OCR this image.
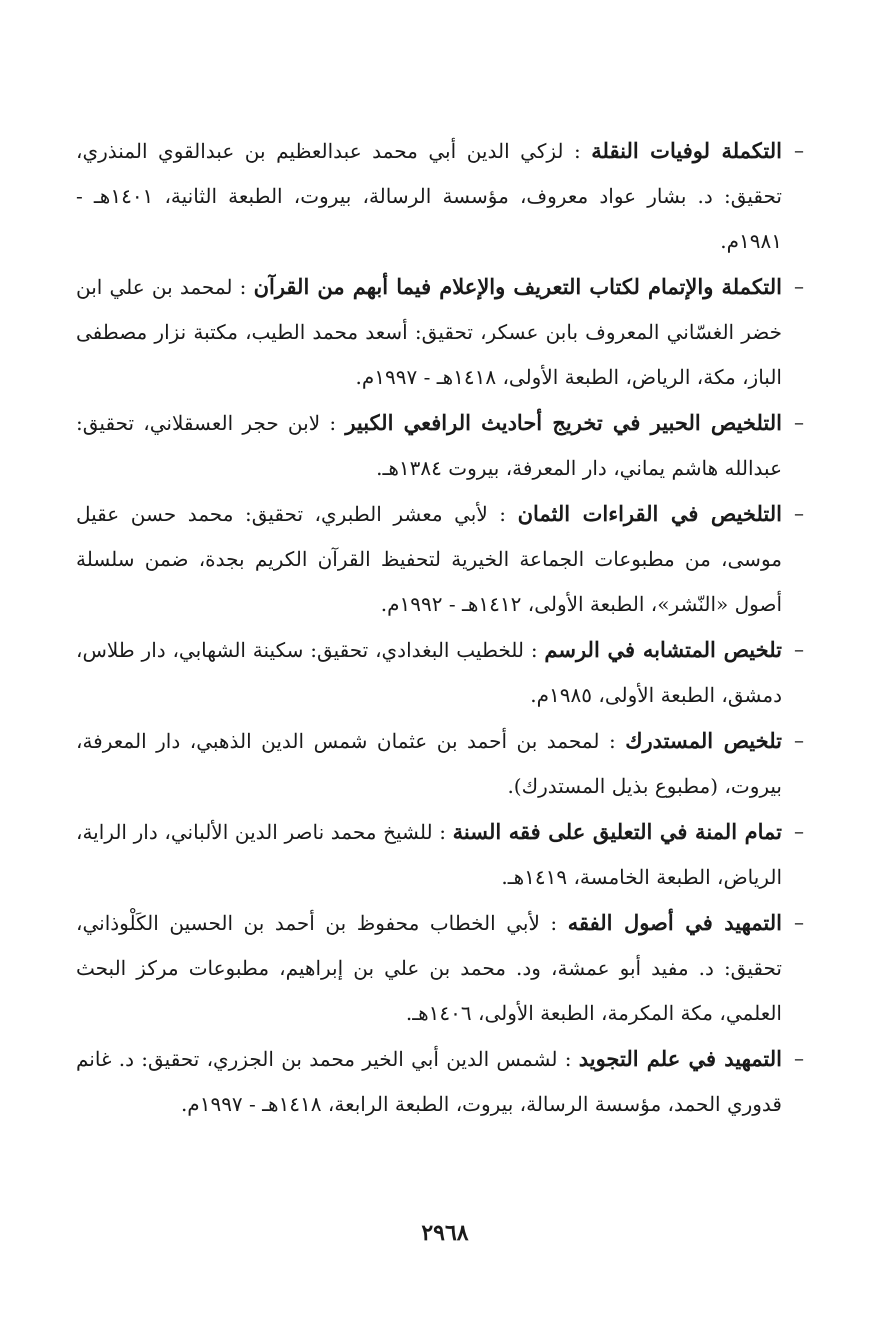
–
التكملة لوفيات النقلة : لزكي الدين أبي محمد عبدالعظيم بن عبدالقوي المنذري، تحقيق: د. بشار عواد معروف، مؤسسة الرسالة، بيروت، الطبعة الثانية، ١٤٠١هـ - ١٩٨١م.
–
التكملة والإتمام لكتاب التعريف والإعلام فيما أبهم من القرآن : لمحمد بن علي ابن خضر الغسّاني المعروف بابن عسكر، تحقيق: أسعد محمد الطيب، مكتبة نزار مصطفى الباز، مكة، الرياض، الطبعة الأولى، ١٤١٨هـ - ١٩٩٧م.
–
التلخيص الحبير في تخريج أحاديث الرافعي الكبير : لابن حجر العسقلاني، تحقيق: عبدالله هاشم يماني، دار المعرفة، بيروت ١٣٨٤هـ.
–
التلخيص في القراءات الثمان : لأبي معشر الطبري، تحقيق: محمد حسن عقيل موسى، من مطبوعات الجماعة الخيرية لتحفيظ القرآن الكريم بجدة، ضمن سلسلة أصول «النّشر»، الطبعة الأولى، ١٤١٢هـ - ١٩٩٢م.
–
تلخيص المتشابه في الرسم : للخطيب البغدادي، تحقيق: سكينة الشهابي، دار طلاس، دمشق، الطبعة الأولى، ١٩٨٥م.
–
تلخيص المستدرك : لمحمد بن أحمد بن عثمان شمس الدين الذهبي، دار المعرفة، بيروت، (مطبوع بذيل المستدرك).
–
تمام المنة في التعليق على فقه السنة : للشيخ محمد ناصر الدين الألباني، دار الراية، الرياض، الطبعة الخامسة، ١٤١٩هـ.
–
التمهيد في أصول الفقه : لأبي الخطاب محفوظ بن أحمد بن الحسين الكَلْوذاني، تحقيق: د. مفيد أبو عمشة، ود. محمد بن علي بن إبراهيم، مطبوعات مركز البحث العلمي، مكة المكرمة، الطبعة الأولى، ١٤٠٦هـ.
–
التمهيد في علم التجويد : لشمس الدين أبي الخير محمد بن الجزري، تحقيق: د. غانم قدوري الحمد، مؤسسة الرسالة، بيروت، الطبعة الرابعة، ١٤١٨هـ - ١٩٩٧م.
٢٩٦٨
